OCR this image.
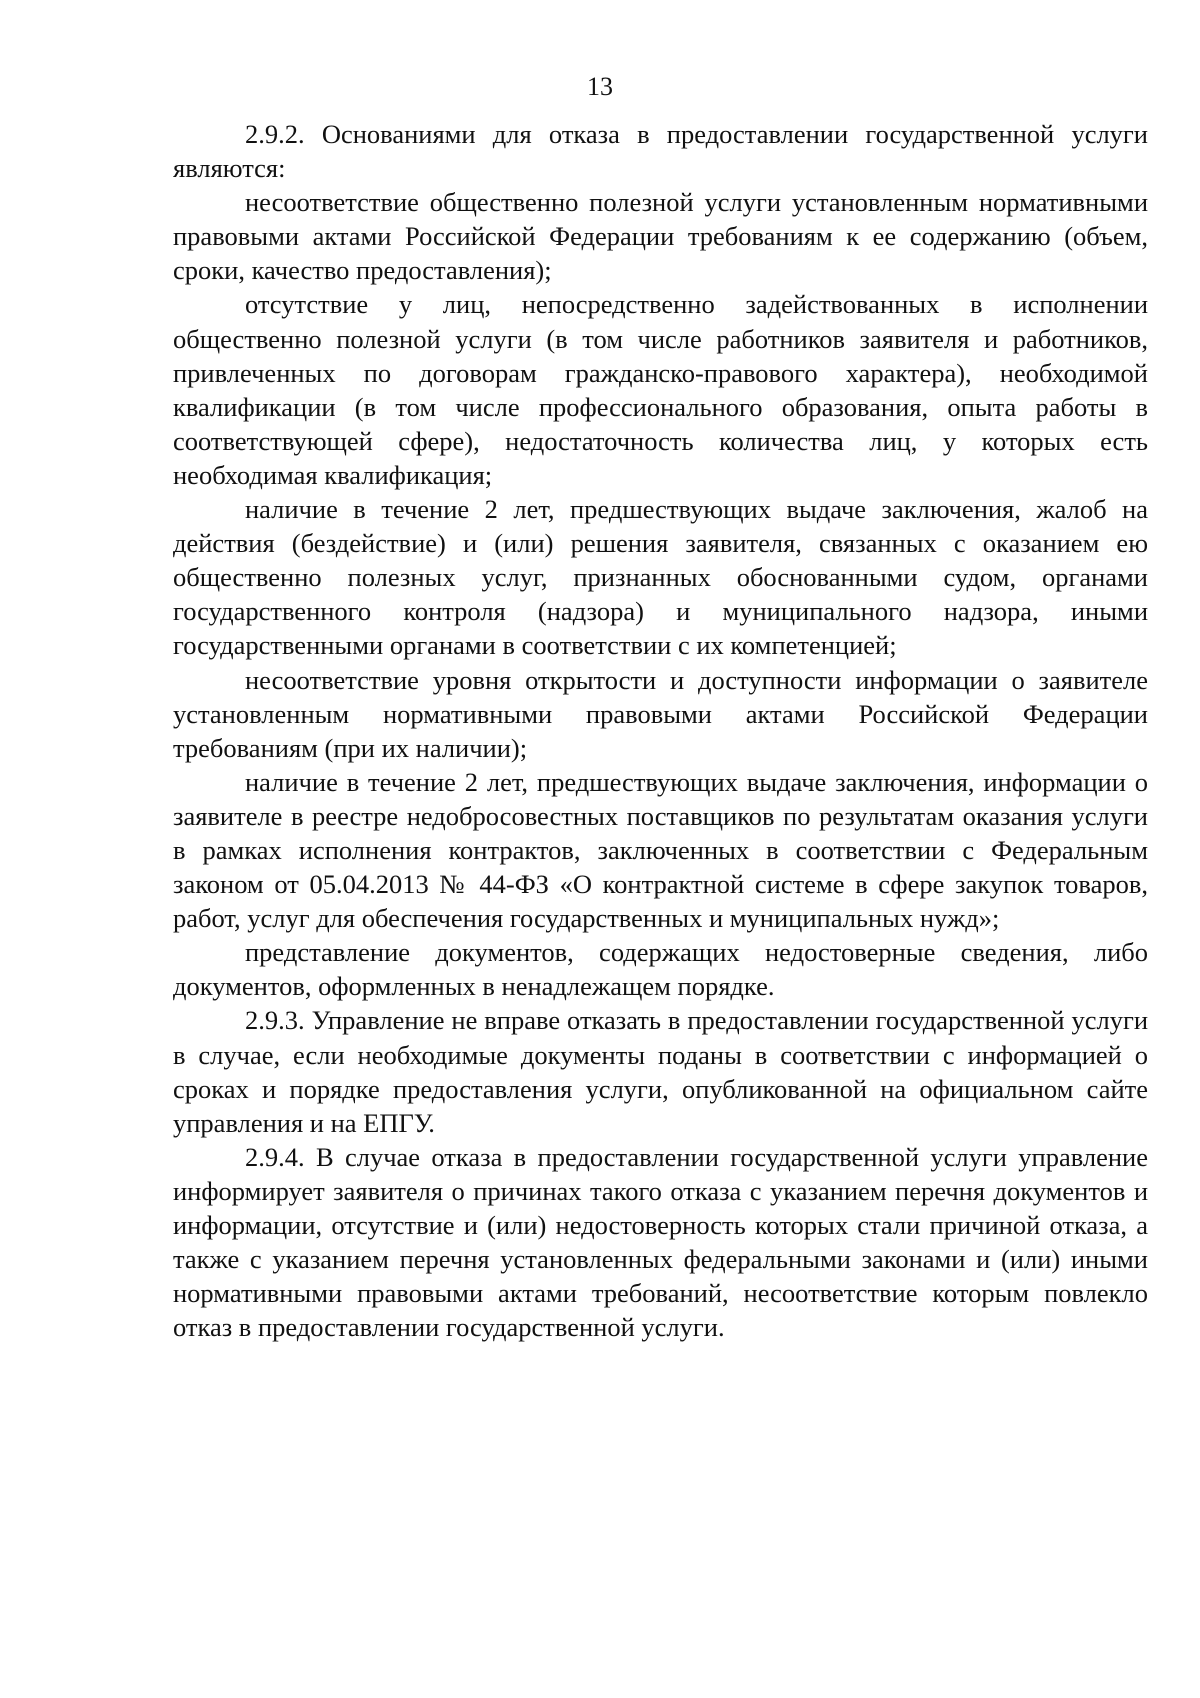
13

2.9.2. Основаниями для отказа в предоставлении государственной услуги являются:

несоответствие общественно полезной услуги установленным нормативными правовыми актами Российской Федерации требованиям к ее содержанию (объем, сроки, качество предоставления);

отсутствие у лиц, непосредственно задействованных в исполнении общественно полезной услуги (в том числе работников заявителя и работников, привлеченных по договорам гражданско-правового характера), необходимой квалификации (в том числе профессионального образования, опыта работы в соответствующей сфере), недостаточность количества лиц, у которых есть необходимая квалификация;

наличие в течение 2 лет, предшествующих выдаче заключения, жалоб на действия (бездействие) и (или) решения заявителя, связанных с оказанием ею общественно полезных услуг, признанных обоснованными судом, органами государственного контроля (надзора) и муниципального надзора, иными государственными органами в соответствии с их компетенцией;

несоответствие уровня открытости и доступности информации о заявителе установленным нормативными правовыми актами Российской Федерации требованиям (при их наличии);

наличие в течение 2 лет, предшествующих выдаче заключения, информации о заявителе в реестре недобросовестных поставщиков по результатам оказания услуги в рамках исполнения контрактов, заключенных в соответствии с Федеральным законом от 05.04.2013 № 44-ФЗ «О контрактной системе в сфере закупок товаров, работ, услуг для обеспечения государственных и муниципальных нужд»;

представление документов, содержащих недостоверные сведения, либо документов, оформленных в ненадлежащем порядке.

2.9.3. Управление не вправе отказать в предоставлении государственной услуги в случае, если необходимые документы поданы в соответствии с информацией о сроках и порядке предоставления услуги, опубликованной на официальном сайте управления и на ЕПГУ.

2.9.4. В случае отказа в предоставлении государственной услуги управление информирует заявителя о причинах такого отказа с указанием перечня документов и информации, отсутствие и (или) недостоверность которых стали причиной отказа, а также с указанием перечня установленных федеральными законами и (или) иными нормативными правовыми актами требований, несоответствие которым повлекло отказ в предоставлении государственной услуги.
